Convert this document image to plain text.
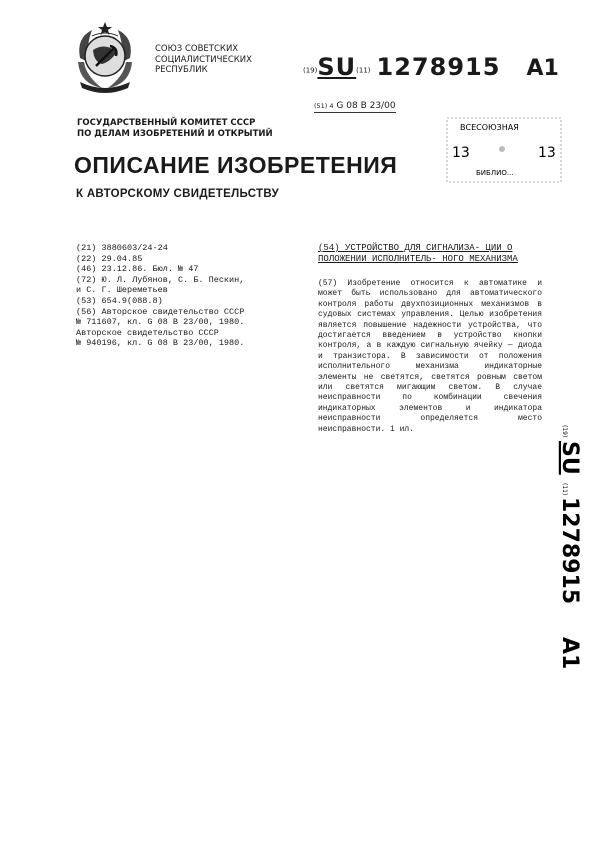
СОЮЗ СОВЕТСКИХ
СОЦИАЛИСТИЧЕСКИХ
РЕСПУБЛИК	(19)SU(11) 1278915 A1
(51) 4 G 08 B 23/00
ГОСУДАРСТВЕННЫЙ КОМИТЕТ СССР
ПО ДЕЛАМ ИЗОБРЕТЕНИЙ И ОТКРЫТИЙ
ВСЕСОЮЗНАЯ
13	13
БИБЛИО...
ОПИСАНИЕ ИЗОБРЕТЕНИЯ
К АВТОРСКОМУ СВИДЕТЕЛЬСТВУ
(21) 3880603/24-24
(22) 29.04.85
(46) 23.12.86. Бюл. № 47
(72) Ю. Л. Лубянов, С. Б. Пескин,
и С. Г. Шереметьев
(53) 654.9(088.8)
(56) Авторское свидетельство СССР
№ 711607, кл. G 08 B 23/00, 1980.
Авторское свидетельство СССР
№ 940196, кл. G 08 B 23/00, 1980.
(54) УСТРОЙСТВО ДЛЯ СИГНАЛИЗА- ЦИИ О ПОЛОЖЕНИИ ИСПОЛНИТЕЛЬ- НОГО МЕХАНИЗМА
(57) Изобретение относится к автоматике и может быть использовано для автоматического контроля работы двухпозиционных механизмов в судовых системах управления. Целью изобретения является повышение надежности устройства, что достигается введением в устройство кнопки контроля, а в каждую сигнальную ячейку — диода и транзистора. В зависимости от положения исполнительного механизма индикаторные элементы не светятся, светятся ровным светом или светятся мигающим светом. В случае неисправности по комбинации свечения индикаторных элементов и индикатора неисправности определяется место неисправности. 1 ил.	(19)
SU
(11)
1278915
A1
